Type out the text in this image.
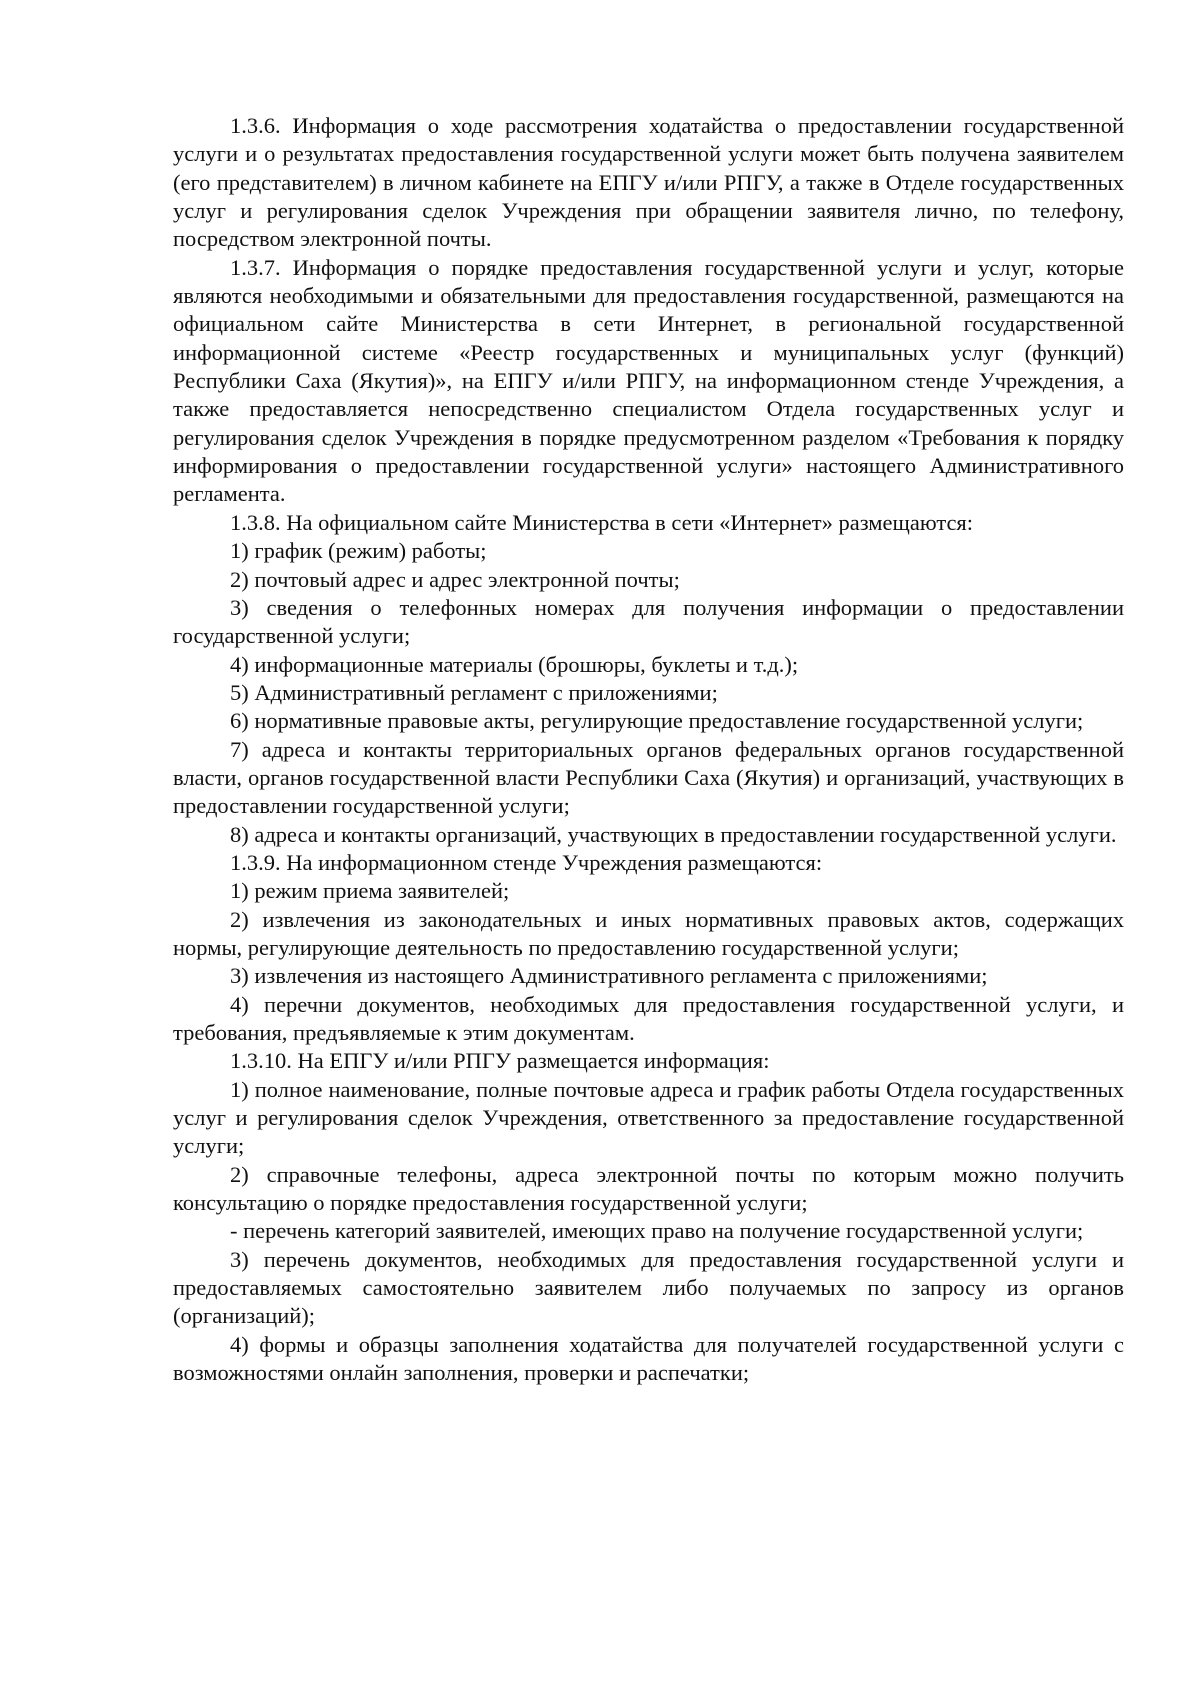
1.3.6. Информация о ходе рассмотрения ходатайства о предоставлении государственной услуги и о результатах предоставления государственной услуги может быть получена заявителем (его представителем) в личном кабинете на ЕПГУ и/или РПГУ, а также в Отделе государственных услуг и регулирования сделок Учреждения при обращении заявителя лично, по телефону, посредством электронной почты.

1.3.7. Информация о порядке предоставления государственной услуги и услуг, которые являются необходимыми и обязательными для предоставления государственной, размещаются на официальном сайте Министерства в сети Интернет, в региональной государственной информационной системе «Реестр государственных и муниципальных услуг (функций) Республики Саха (Якутия)», на ЕПГУ и/или РПГУ, на информационном стенде Учреждения, а также предоставляется непосредственно специалистом Отдела государственных услуг и регулирования сделок Учреждения в порядке предусмотренном разделом «Требования к порядку информирования о предоставлении государственной услуги» настоящего Административного регламента.

1.3.8. На официальном сайте Министерства в сети «Интернет» размещаются:

1) график (режим) работы;

2) почтовый адрес и адрес электронной почты;

3) сведения о телефонных номерах для получения информации о предоставлении государственной услуги;

4) информационные материалы (брошюры, буклеты и т.д.);

5) Административный регламент с приложениями;

6) нормативные правовые акты, регулирующие предоставление государственной услуги;

7) адреса и контакты территориальных органов федеральных органов государственной власти, органов государственной власти Республики Саха (Якутия) и организаций, участвующих в предоставлении государственной услуги;

8) адреса и контакты организаций, участвующих в предоставлении государственной услуги.

1.3.9. На информационном стенде Учреждения размещаются:

1) режим приема заявителей;

2) извлечения из законодательных и иных нормативных правовых актов, содержащих нормы, регулирующие деятельность по предоставлению государственной услуги;

3) извлечения из настоящего Административного регламента с приложениями;

4) перечни документов, необходимых для предоставления государственной услуги, и требования, предъявляемые к этим документам.

1.3.10. На ЕПГУ и/или РПГУ размещается информация:

1) полное наименование, полные почтовые адреса и график работы Отдела государственных услуг и регулирования сделок Учреждения, ответственного за предоставление государственной услуги;

2) справочные телефоны, адреса электронной почты по которым можно получить консультацию о порядке предоставления государственной услуги;

- перечень категорий заявителей, имеющих право на получение государственной услуги;

3) перечень документов, необходимых для предоставления государственной услуги и предоставляемых самостоятельно заявителем либо получаемых по запросу из органов (организаций);

4) формы и образцы заполнения ходатайства для получателей государственной услуги с возможностями онлайн заполнения, проверки и распечатки;
